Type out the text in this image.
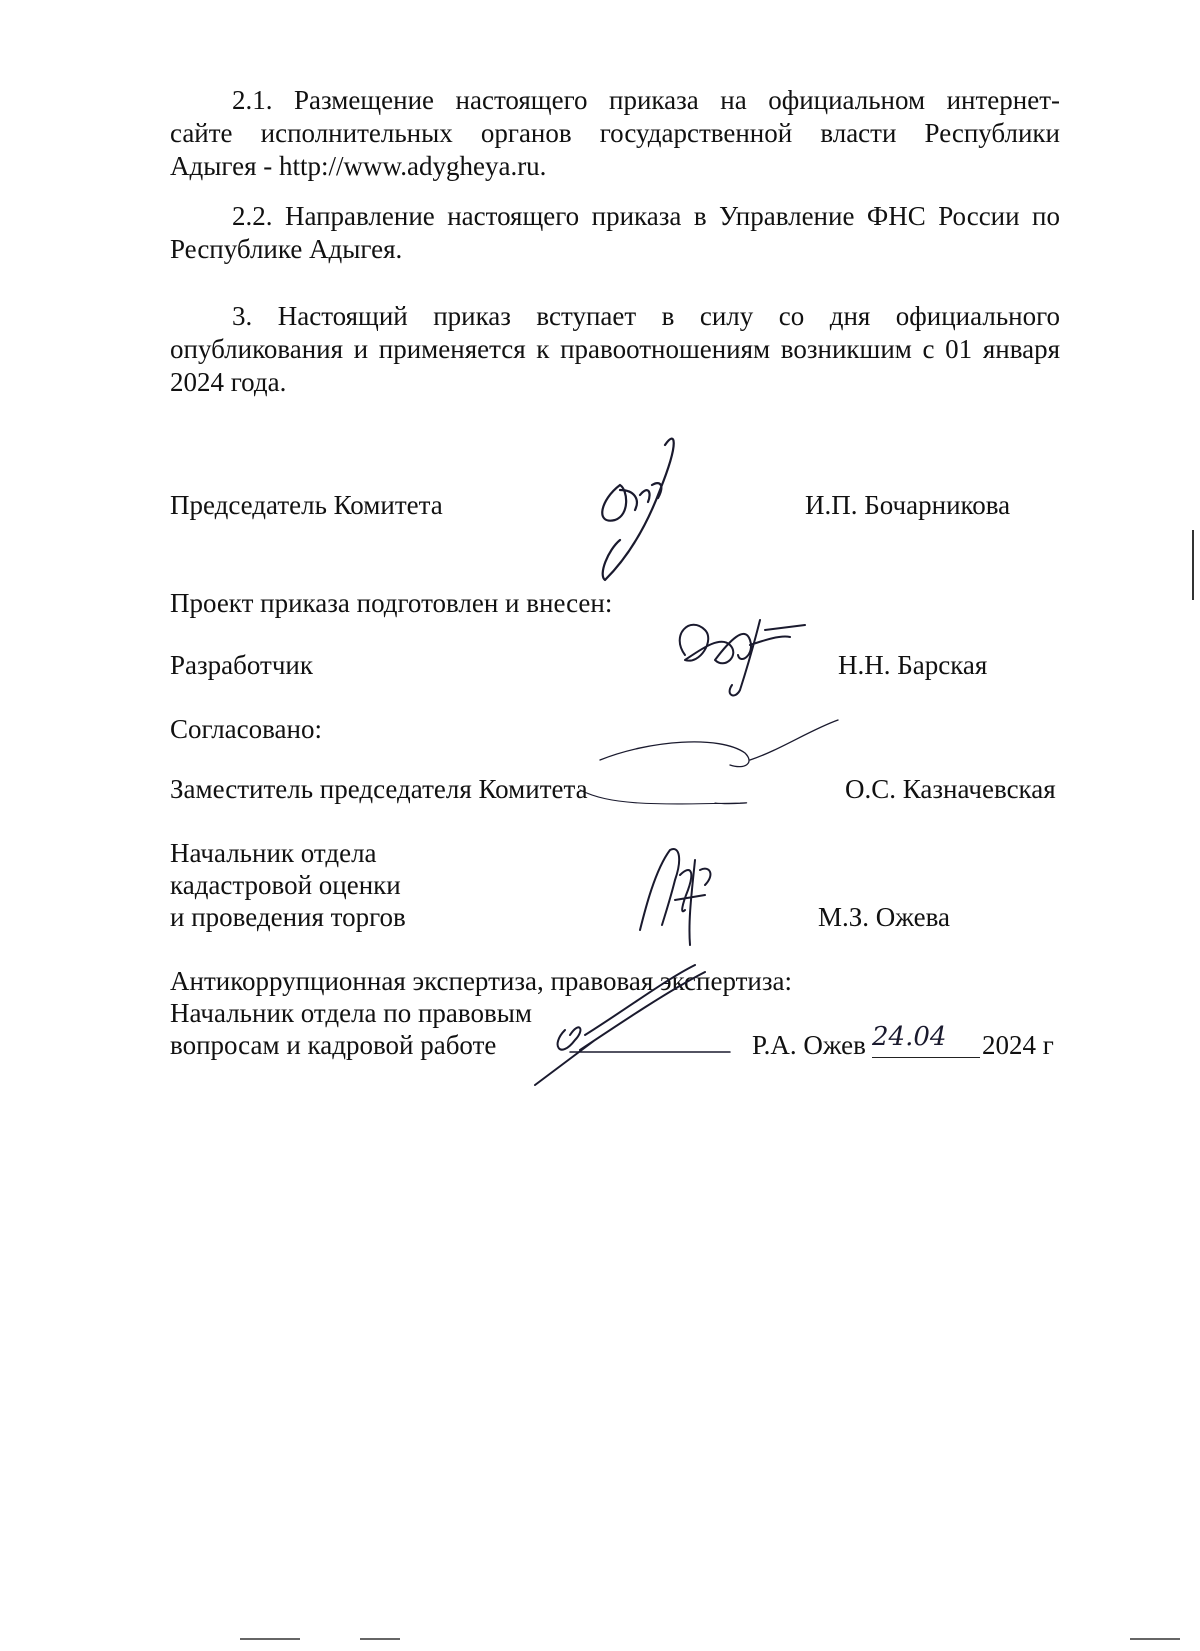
2.1. Размещение настоящего приказа на официальном интернет-
сайте исполнительных органов государственной власти Республики
Адыгея - http://www.adygheya.ru.
2.2. Направление настоящего приказа в Управление ФНС России по
Республике Адыгея.
3. Настоящий приказ вступает в силу со дня официального
опубликования и применяется к правоотношениям возникшим с 01 января
2024 года.
Председатель Комитета	И.П. Бочарникова
Проект приказа подготовлен и внесен:
Разработчик	Н.Н. Барская
Согласовано:
Заместитель председателя Комитета	О.С. Казначевская
Начальник отдела
кадастровой оценки
и проведения торгов	М.З. Ожева
Антикоррупционная экспертиза, правовая экспертиза:
Начальник отдела по правовым
вопросам и кадровой работе	Р.А. Ожев 24.04 2024 г
